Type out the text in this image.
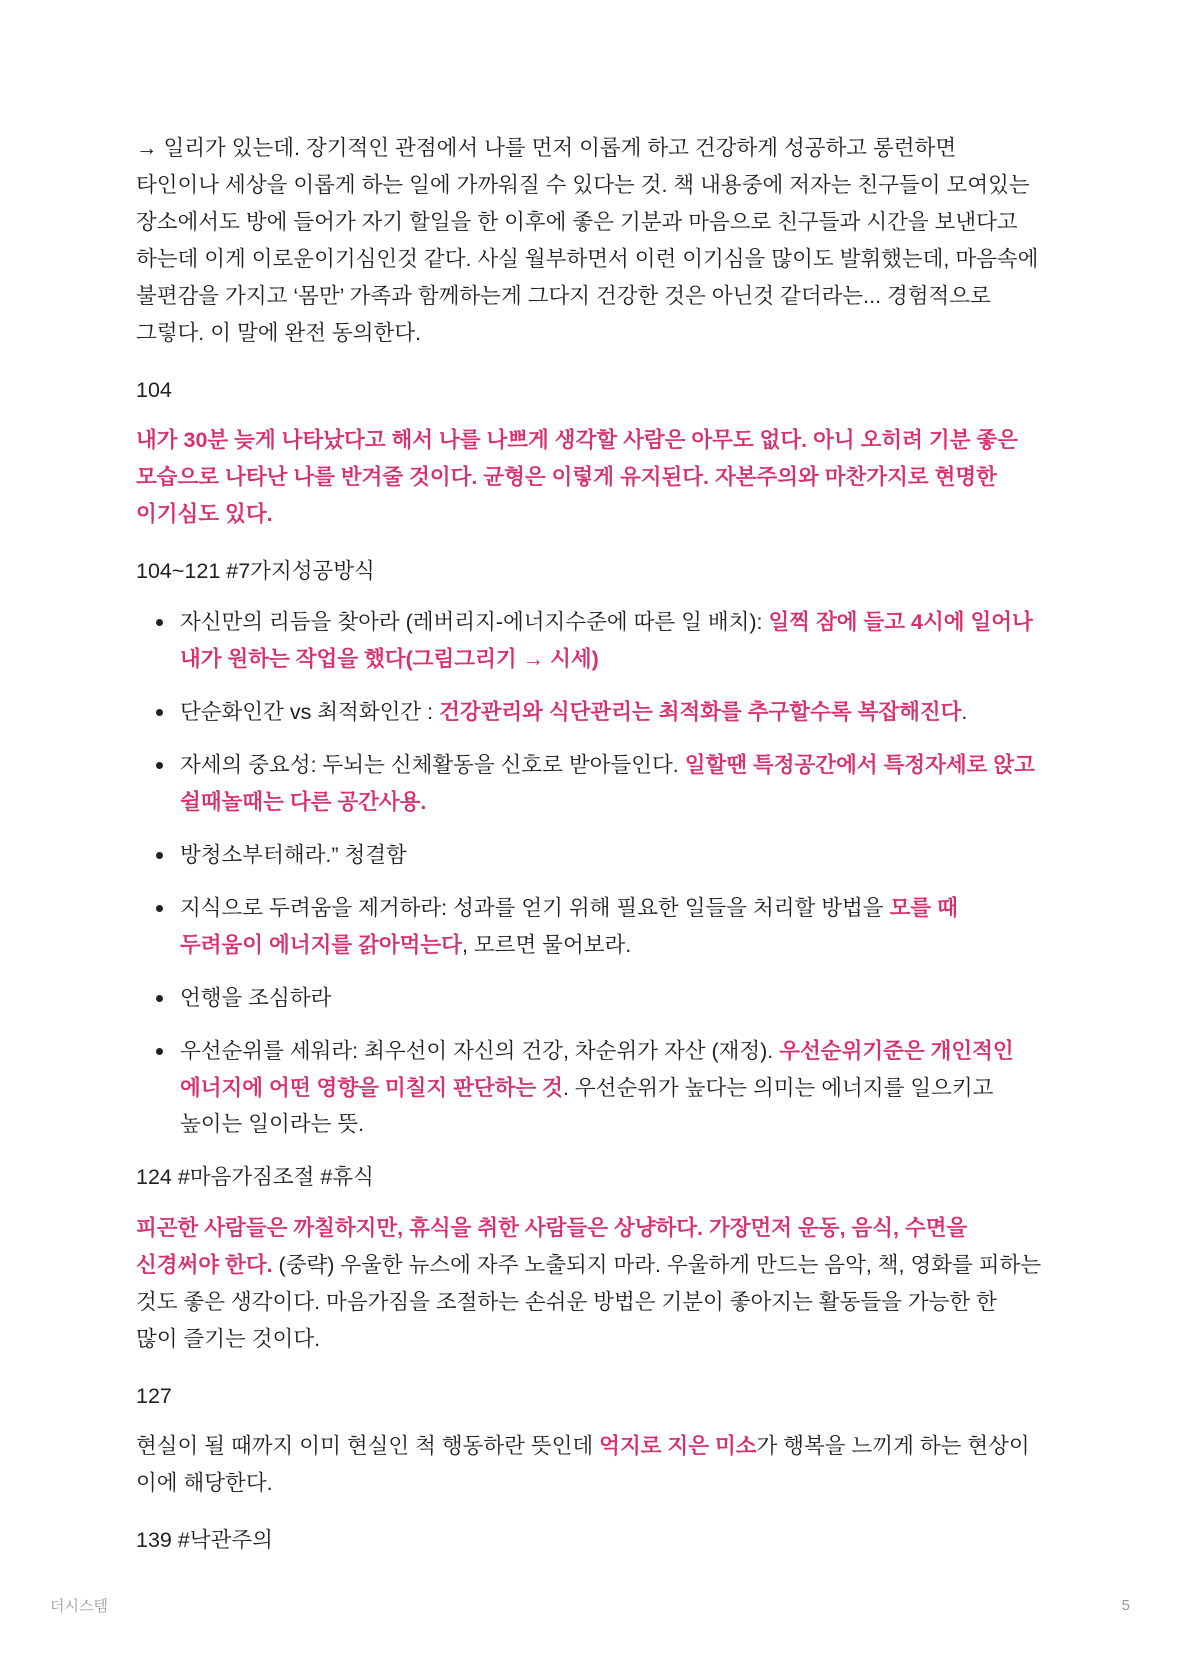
→ 일리가 있는데. 장기적인 관점에서 나를 먼저 이롭게 하고 건강하게 성공하고 롱런하면 타인이나 세상을 이롭게 하는 일에 가까워질 수 있다는 것. 책 내용중에 저자는 친구들이 모여있는 장소에서도 방에 들어가 자기 할일을 한 이후에 좋은 기분과 마음으로 친구들과 시간을 보낸다고 하는데 이게 이로운이기심인것 같다. 사실 월부하면서 이런 이기심을 많이도 발휘했는데, 마음속에 불편감을 가지고 ‘몸만’ 가족과 함께하는게 그다지 건강한 것은 아닌것 같더라는... 경험적으로 그렇다. 이 말에 완전 동의한다.

104

내가 30분 늦게 나타났다고 해서 나를 나쁘게 생각할 사람은 아무도 없다. 아니 오히려 기분 좋은 모습으로 나타난 나를 반겨줄 것이다. 균형은 이렇게 유지된다. 자본주의와 마찬가지로 현명한 이기심도 있다.

104~121 #7가지성공방식

자신만의 리듬을 찾아라 (레버리지-에너지수준에 따른 일 배치): 일찍 잠에 들고 4시에 일어나 내가 원하는 작업을 했다(그림그리기 → 시세)
단순화인간 vs 최적화인간 : 건강관리와 식단관리는 최적화를 추구할수록 복잡해진다.
자세의 중요성: 두뇌는 신체활동을 신호로 받아들인다. 일할땐 특정공간에서 특정자세로 앉고 쉴때놀때는 다른 공간사용.
방청소부터해라.” 청결함
지식으로 두려움을 제거하라: 성과를 얻기 위해 필요한 일들을 처리할 방법을 모를 때 두려움이 에너지를 갉아먹는다, 모르면 물어보라.
언행을 조심하라
우선순위를 세워라: 최우선이 자신의 건강, 차순위가 자산 (재정). 우선순위기준은 개인적인 에너지에 어떤 영향을 미칠지 판단하는 것. 우선순위가 높다는 의미는 에너지를 일으키고 높이는 일이라는 뜻.

124 #마음가짐조절 #휴식

피곤한 사람들은 까칠하지만, 휴식을 취한 사람들은 상냥하다. 가장먼저 운동, 음식, 수면을 신경써야 한다. (중략) 우울한 뉴스에 자주 노출되지 마라. 우울하게 만드는 음악, 책, 영화를 피하는 것도 좋은 생각이다. 마음가짐을 조절하는 손쉬운 방법은 기분이 좋아지는 활동들을 가능한 한 많이 즐기는 것이다.

127

현실이 될 때까지 이미 현실인 척 행동하란 뜻인데 억지로 지은 미소가 행복을 느끼게 하는 현상이 이에 해당한다.

139 #낙관주의

더시스템	5
